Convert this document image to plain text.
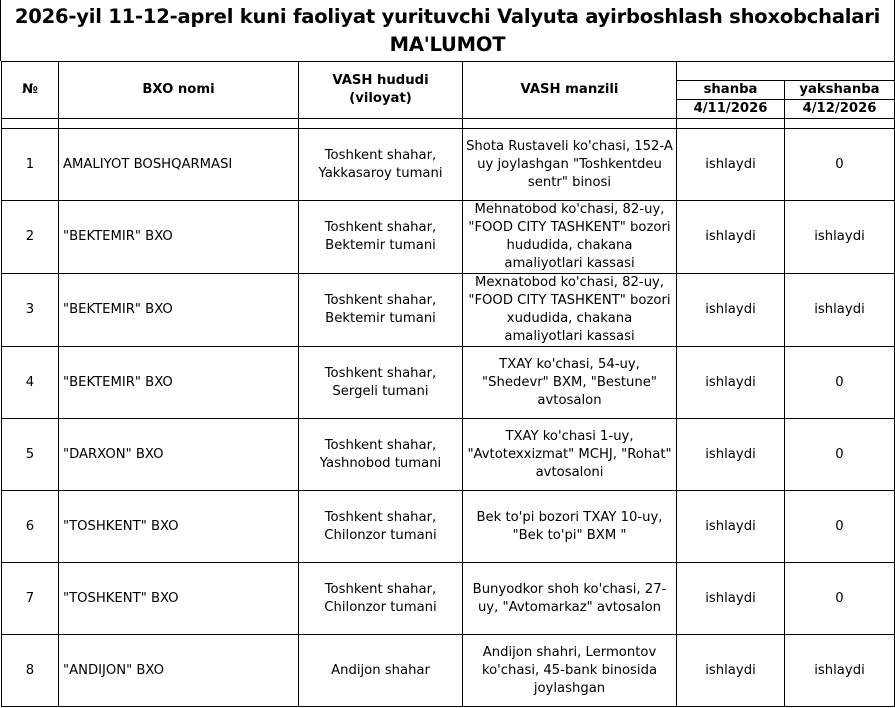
2026-yil 11-12-aprel kuni faoliyat yurituvchi Valyuta ayirboshlash shoxobchalari
MA'LUMOT
№	BXO nomi	VASH hududi (viloyat)	VASH manzili		
				shanba	yakshanba
				4/11/2026	4/12/2026

1	AMALIYOT BOSHQARMASI	Toshkent shahar, Yakkasaroy tumani	Shota Rustaveli ko'chasi, 152-A uy joylashgan "Toshkentdeu sentr" binosi	ishlaydi	0
2	"BEKTEMIR" BXO	Toshkent shahar, Bektemir tumani	Mehnatobod ko'chasi, 82-uy, "FOOD CITY TASHKENT" bozori hududida, chakana amaliyotlari kassasi	ishlaydi	ishlaydi
3	"BEKTEMIR" BXO	Toshkent shahar, Bektemir tumani	Mexnatobod ko'chasi, 82-uy, "FOOD CITY TASHKENT" bozori xududida, chakana amaliyotlari kassasi	ishlaydi	ishlaydi
4	"BEKTEMIR" BXO	Toshkent shahar, Sergeli tumani	TXAY ko'chasi, 54-uy, "Shedevr" BXM, "Bestune" avtosalon	ishlaydi	0
5	"DARXON" BXO	Toshkent shahar, Yashnobod tumani	TXAY ko'chasi 1-uy, "Avtotexxizmat" MCHJ, "Rohat" avtosaloni	ishlaydi	0
6	"TOSHKENT" BXO	Toshkent shahar, Chilonzor tumani	Bek to'pi bozori TXAY 10-uy, "Bek to'pi" BXM "	ishlaydi	0
7	"TOSHKENT" BXO	Toshkent shahar, Chilonzor tumani	Bunyodkor shoh ko'chasi, 27-uy, "Avtomarkaz" avtosalon	ishlaydi	0
8	"ANDIJON" BXO	Andijon shahar	Andijon shahri, Lermontov ko'chasi, 45-bank binosida joylashgan	ishlaydi	ishlaydi
